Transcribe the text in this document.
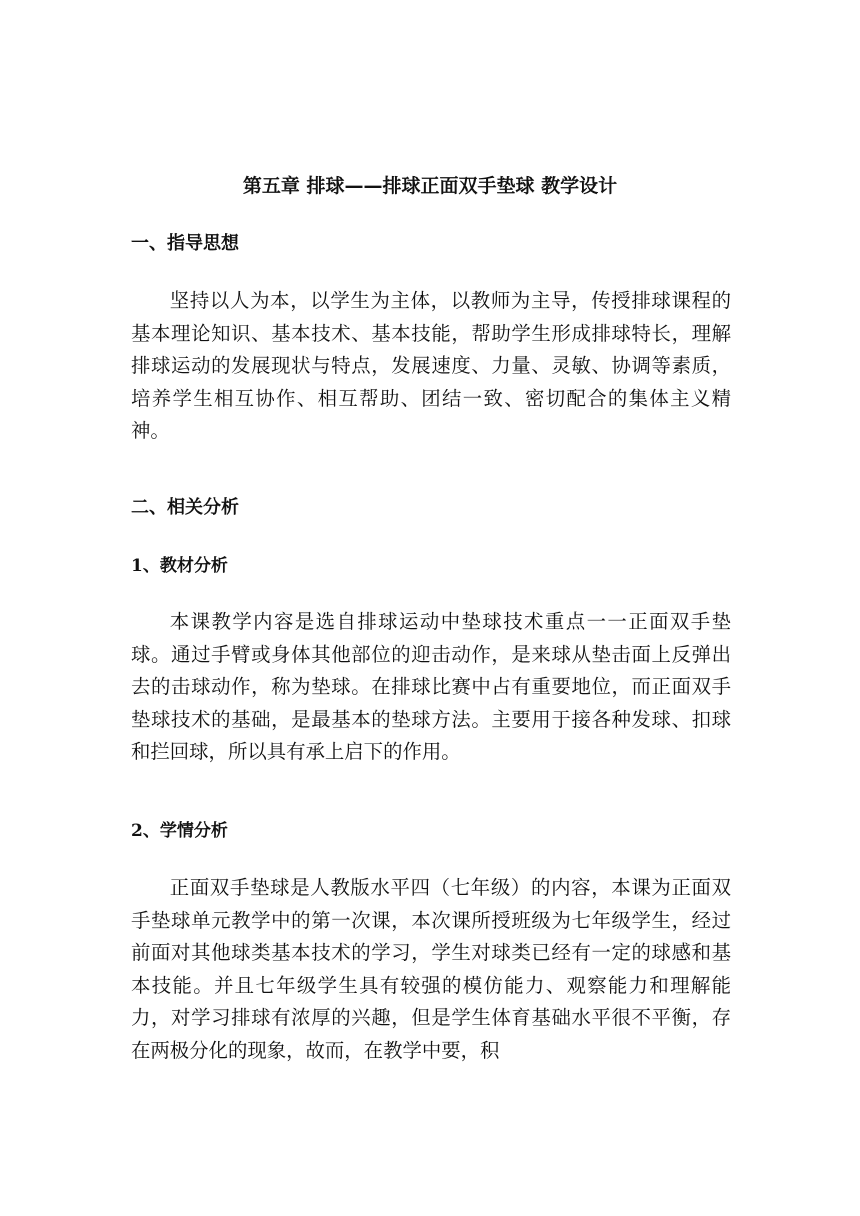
第五章 排球——排球正面双手垫球 教学设计
一、指导思想

坚持以人为本，以学生为主体，以教师为主导，传授排球课程的基本理论知识、基本技术、基本技能，帮助学生形成排球特长，理解排球运动的发展现状与特点，发展速度、力量、灵敏、协调等素质，培养学生相互协作、相互帮助、团结一致、密切配合的集体主义精神。

二、相关分析
1、教材分析

本课教学内容是选自排球运动中垫球技术重点一一正面双手垫球。通过手臂或身体其他部位的迎击动作，是来球从垫击面上反弹出去的击球动作，称为垫球。在排球比赛中占有重要地位，而正面双手垫球技术的基础，是最基本的垫球方法。主要用于接各种发球、扣球和拦回球，所以具有承上启下的作用。

2、学情分析

正面双手垫球是人教版水平四（七年级）的内容，本课为正面双手垫球单元教学中的第一次课，本次课所授班级为七年级学生，经过前面对其他球类基本技术的学习，学生对球类已经有一定的球感和基本技能。并且七年级学生具有较强的模仿能力、观察能力和理解能力，对学习排球有浓厚的兴趣，但是学生体育基础水平很不平衡，存在两极分化的现象，故而，在教学中要，积
